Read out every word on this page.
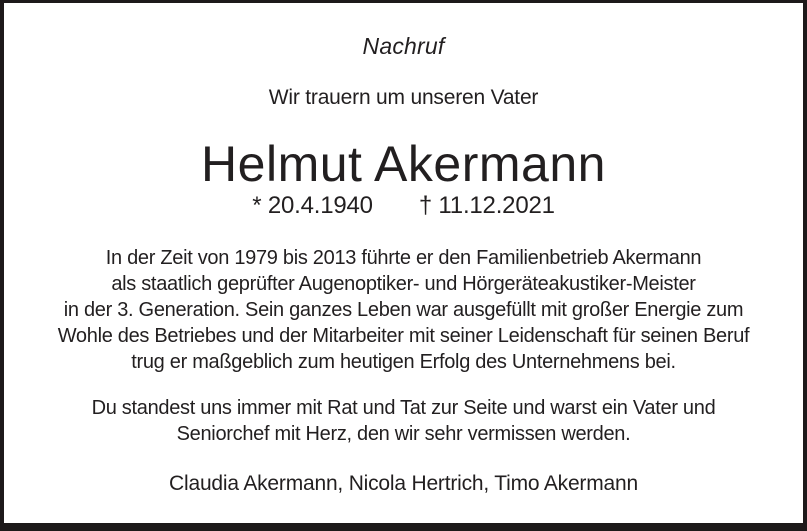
Nachruf
Wir trauern um unseren Vater
Helmut Akermann
* 20.4.1940 † 11.12.2021
In der Zeit von 1979 bis 2013 führte er den Familienbetrieb Akermann
als staatlich geprüfter Augenoptiker- und Hörgeräteakustiker-Meister
in der 3. Generation. Sein ganzes Leben war ausgefüllt mit großer Energie zum
Wohle des Betriebes und der Mitarbeiter mit seiner Leidenschaft für seinen Beruf
trug er maßgeblich zum heutigen Erfolg des Unternehmens bei.
Du standest uns immer mit Rat und Tat zur Seite und warst ein Vater und
Seniorchef mit Herz, den wir sehr vermissen werden.
Claudia Akermann, Nicola Hertrich, Timo Akermann
